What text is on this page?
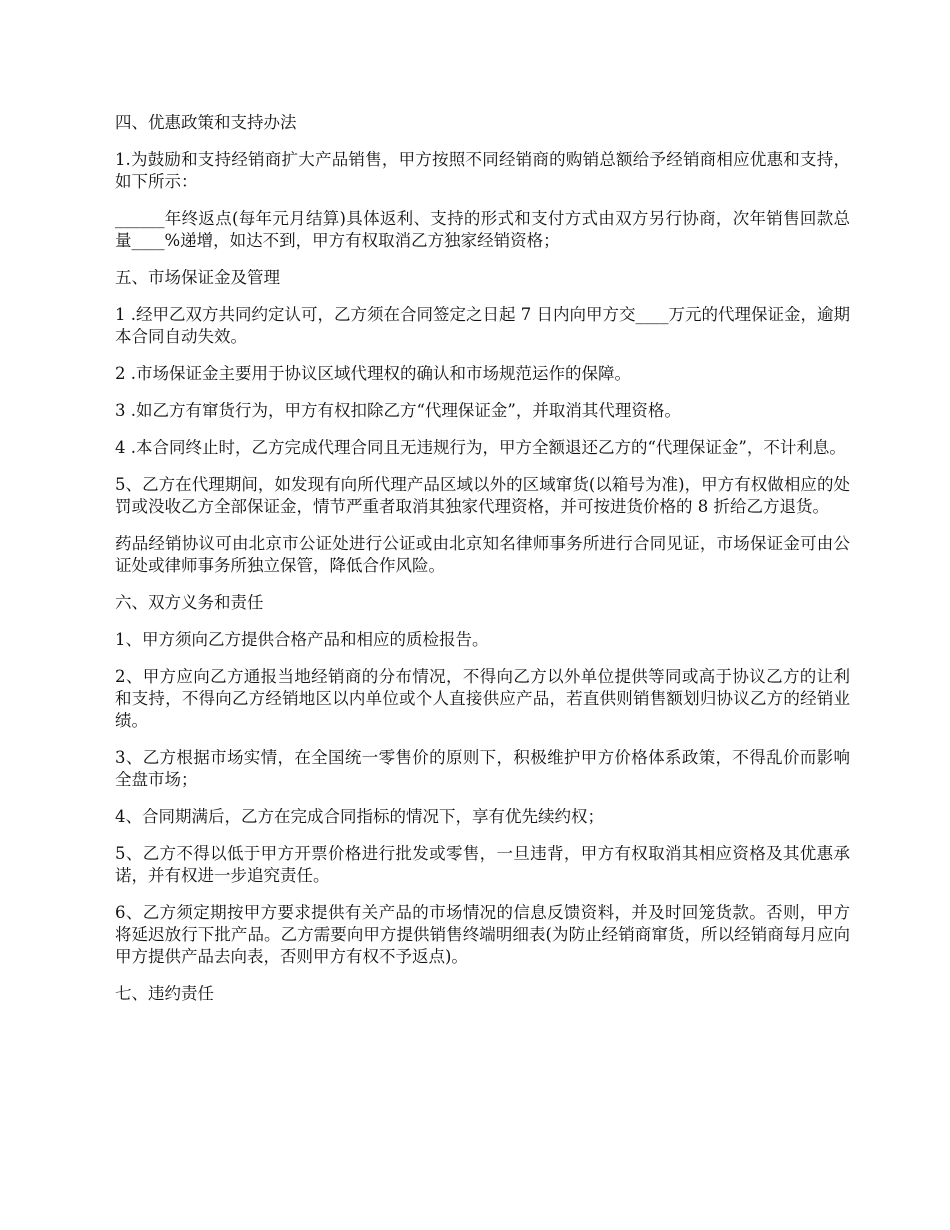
四、优惠政策和支持办法

1.为鼓励和支持经销商扩大产品销售，甲方按照不同经销商的购销总额给予经销商相应优惠和支持，如下所示：

______年终返点(每年元月结算)具体返利、支持的形式和支付方式由双方另行协商，次年销售回款总量____%递增，如达不到，甲方有权取消乙方独家经销资格；

五、市场保证金及管理

1 .经甲乙双方共同约定认可，乙方须在合同签定之日起 7 日内向甲方交____万元的代理保证金，逾期本合同自动失效。

2 .市场保证金主要用于协议区域代理权的确认和市场规范运作的保障。

3 .如乙方有窜货行为，甲方有权扣除乙方“代理保证金”，并取消其代理资格。

4 .本合同终止时，乙方完成代理合同且无违规行为，甲方全额退还乙方的“代理保证金”，不计利息。

5、乙方在代理期间，如发现有向所代理产品区域以外的区域窜货(以箱号为准)，甲方有权做相应的处罚或没收乙方全部保证金，情节严重者取消其独家代理资格，并可按进货价格的 8 折给乙方退货。

药品经销协议可由北京市公证处进行公证或由北京知名律师事务所进行合同见证，市场保证金可由公证处或律师事务所独立保管，降低合作风险。

六、双方义务和责任

1、甲方须向乙方提供合格产品和相应的质检报告。

2、甲方应向乙方通报当地经销商的分布情况，不得向乙方以外单位提供等同或高于协议乙方的让利和支持，不得向乙方经销地区以内单位或个人直接供应产品，若直供则销售额划归协议乙方的经销业绩。

3、乙方根据市场实情，在全国统一零售价的原则下，积极维护甲方价格体系政策，不得乱价而影响全盘市场；

4、合同期满后，乙方在完成合同指标的情况下，享有优先续约权；

5、乙方不得以低于甲方开票价格进行批发或零售，一旦违背，甲方有权取消其相应资格及其优惠承诺，并有权进一步追究责任。

6、乙方须定期按甲方要求提供有关产品的市场情况的信息反馈资料，并及时回笼货款。否则，甲方将延迟放行下批产品。乙方需要向甲方提供销售终端明细表(为防止经销商窜货，所以经销商每月应向甲方提供产品去向表，否则甲方有权不予返点)。

七、违约责任
